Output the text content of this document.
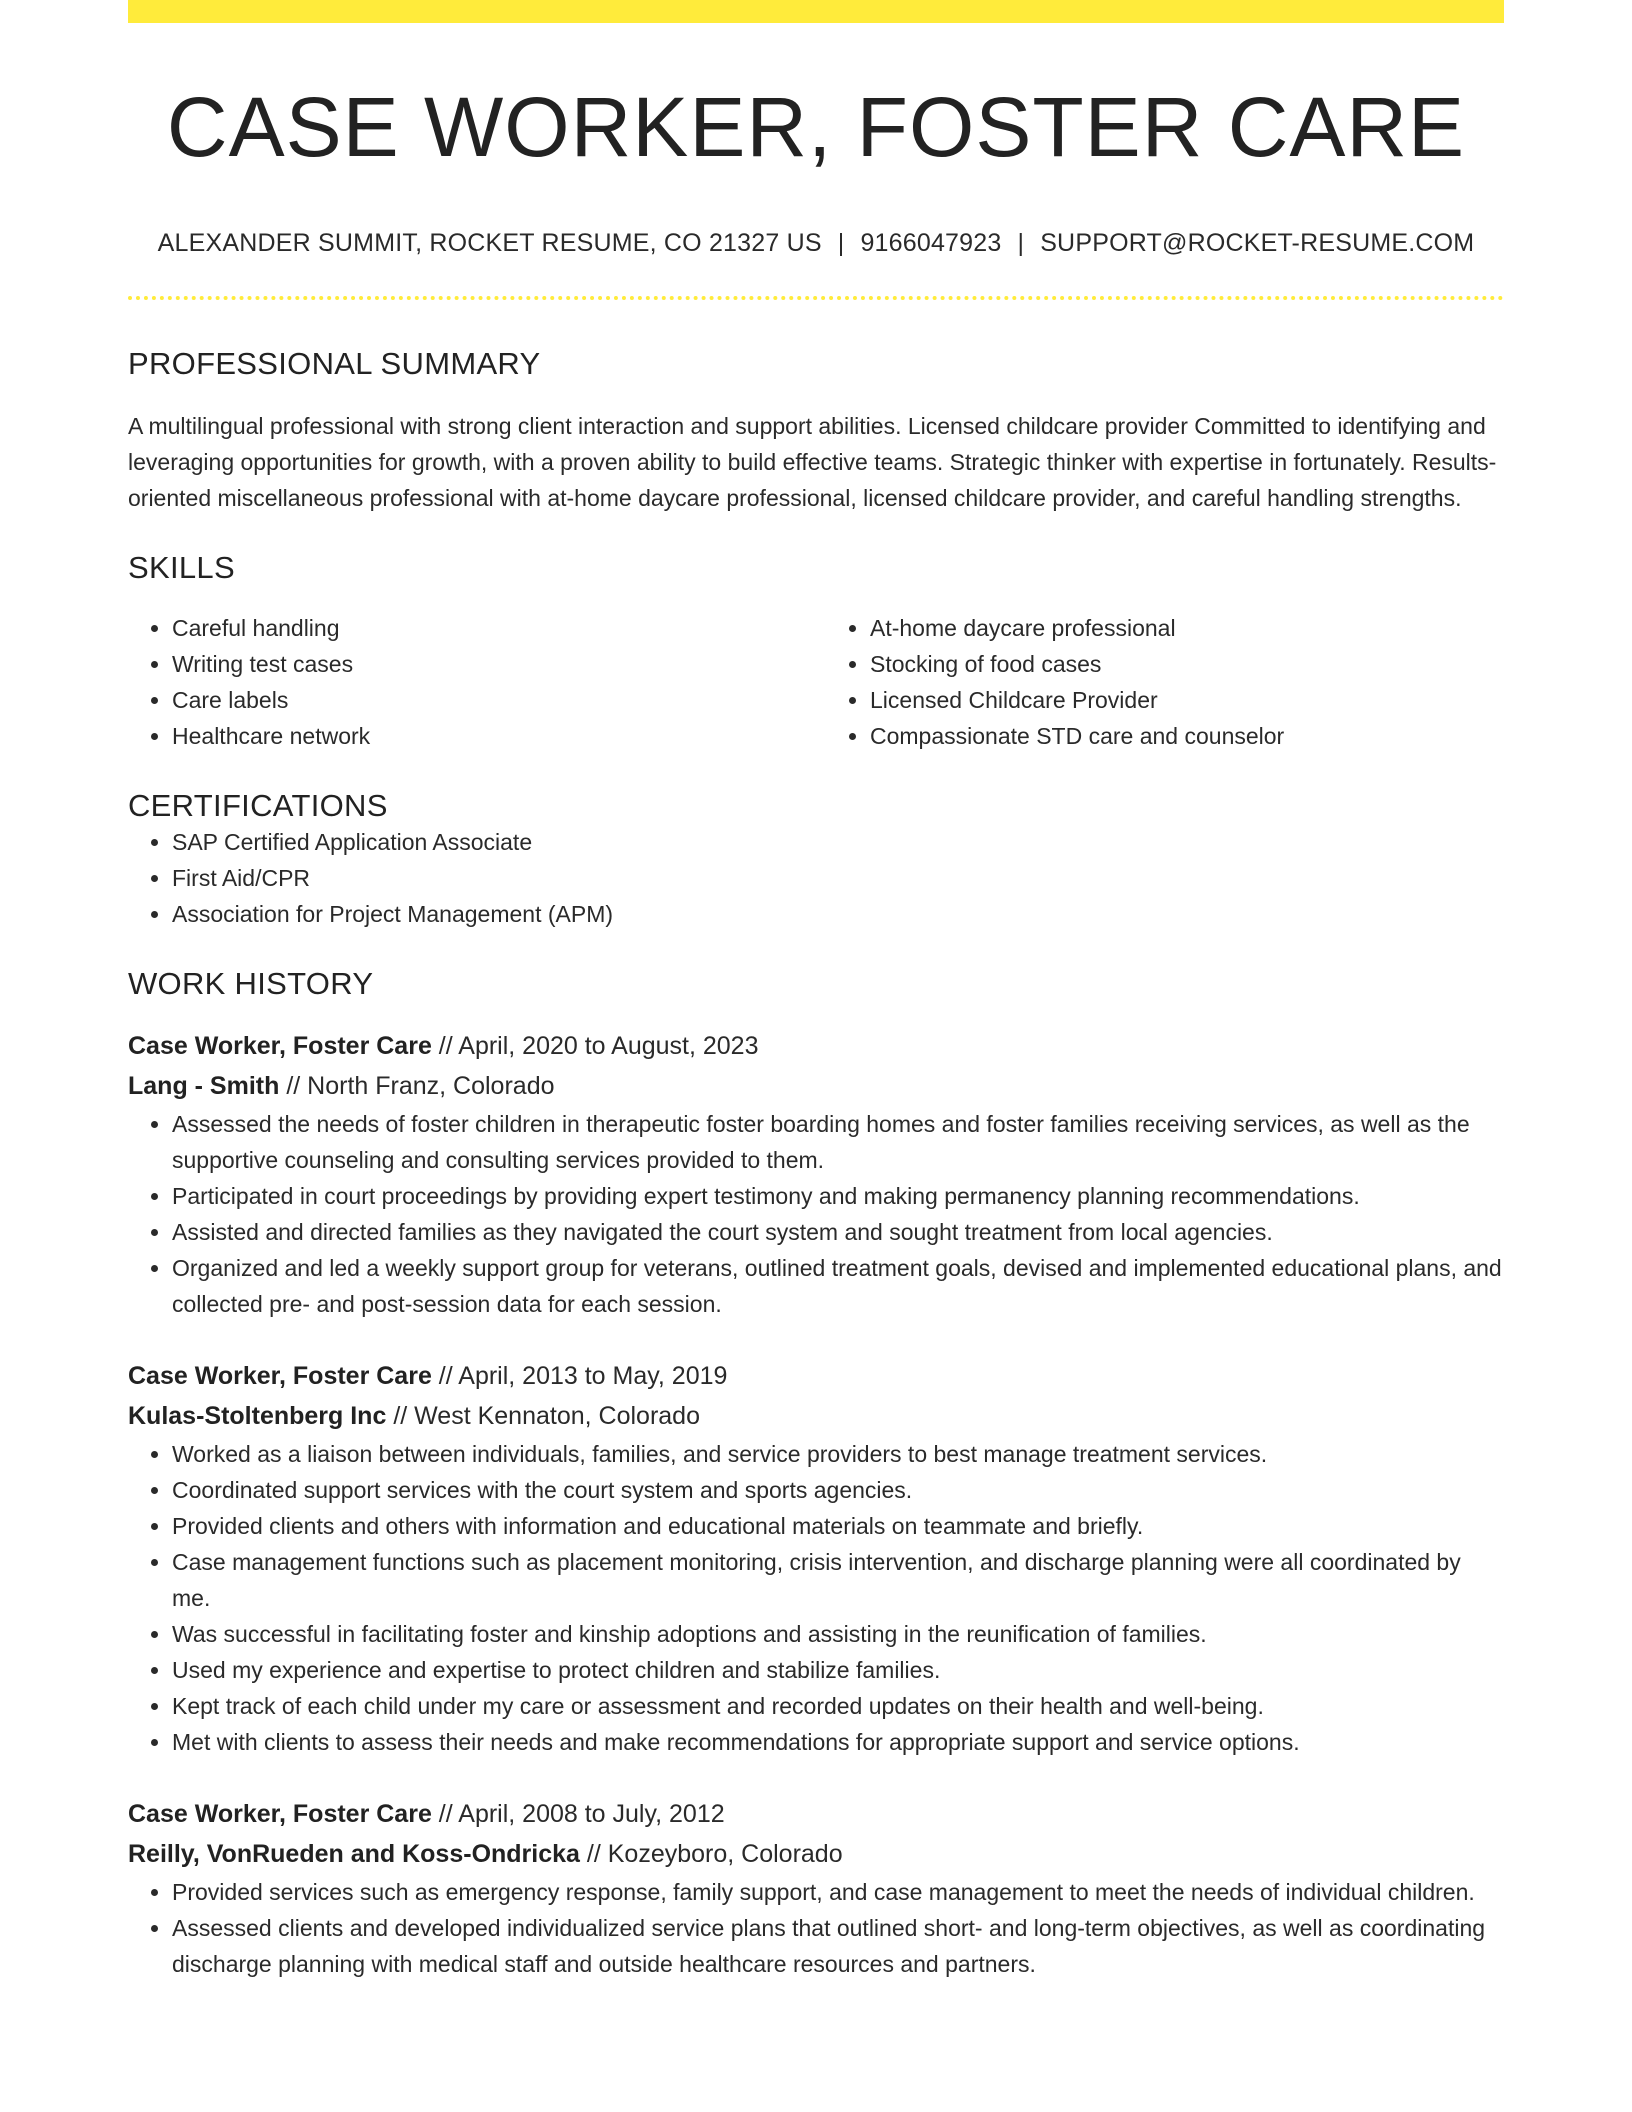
CASE WORKER, FOSTER CARE
ALEXANDER SUMMIT, ROCKET RESUME, CO 21327 US | 9166047923 | SUPPORT@ROCKET-RESUME.COM
PROFESSIONAL SUMMARY
A multilingual professional with strong client interaction and support abilities. Licensed childcare provider Committed to identifying and leveraging opportunities for growth, with a proven ability to build effective teams. Strategic thinker with expertise in fortunately. Results-oriented miscellaneous professional with at-home daycare professional, licensed childcare provider, and careful handling strengths.
SKILLS
• Careful handling
• Writing test cases
• Care labels
• Healthcare network
• At-home daycare professional
• Stocking of food cases
• Licensed Childcare Provider
• Compassionate STD care and counselor
CERTIFICATIONS
• SAP Certified Application Associate
• First Aid/CPR
• Association for Project Management (APM)
WORK HISTORY
Case Worker, Foster Care // April, 2020 to August, 2023
Lang - Smith // North Franz, Colorado
• Assessed the needs of foster children in therapeutic foster boarding homes and foster families receiving services, as well as the supportive counseling and consulting services provided to them.
• Participated in court proceedings by providing expert testimony and making permanency planning recommendations.
• Assisted and directed families as they navigated the court system and sought treatment from local agencies.
• Organized and led a weekly support group for veterans, outlined treatment goals, devised and implemented educational plans, and collected pre- and post-session data for each session.
Case Worker, Foster Care // April, 2013 to May, 2019
Kulas-Stoltenberg Inc // West Kennaton, Colorado
• Worked as a liaison between individuals, families, and service providers to best manage treatment services.
• Coordinated support services with the court system and sports agencies.
• Provided clients and others with information and educational materials on teammate and briefly.
• Case management functions such as placement monitoring, crisis intervention, and discharge planning were all coordinated by me.
• Was successful in facilitating foster and kinship adoptions and assisting in the reunification of families.
• Used my experience and expertise to protect children and stabilize families.
• Kept track of each child under my care or assessment and recorded updates on their health and well-being.
• Met with clients to assess their needs and make recommendations for appropriate support and service options.
Case Worker, Foster Care // April, 2008 to July, 2012
Reilly, VonRueden and Koss-Ondricka // Kozeyboro, Colorado
• Provided services such as emergency response, family support, and case management to meet the needs of individual children.
• Assessed clients and developed individualized service plans that outlined short- and long-term objectives, as well as coordinating discharge planning with medical staff and outside healthcare resources and partners.
